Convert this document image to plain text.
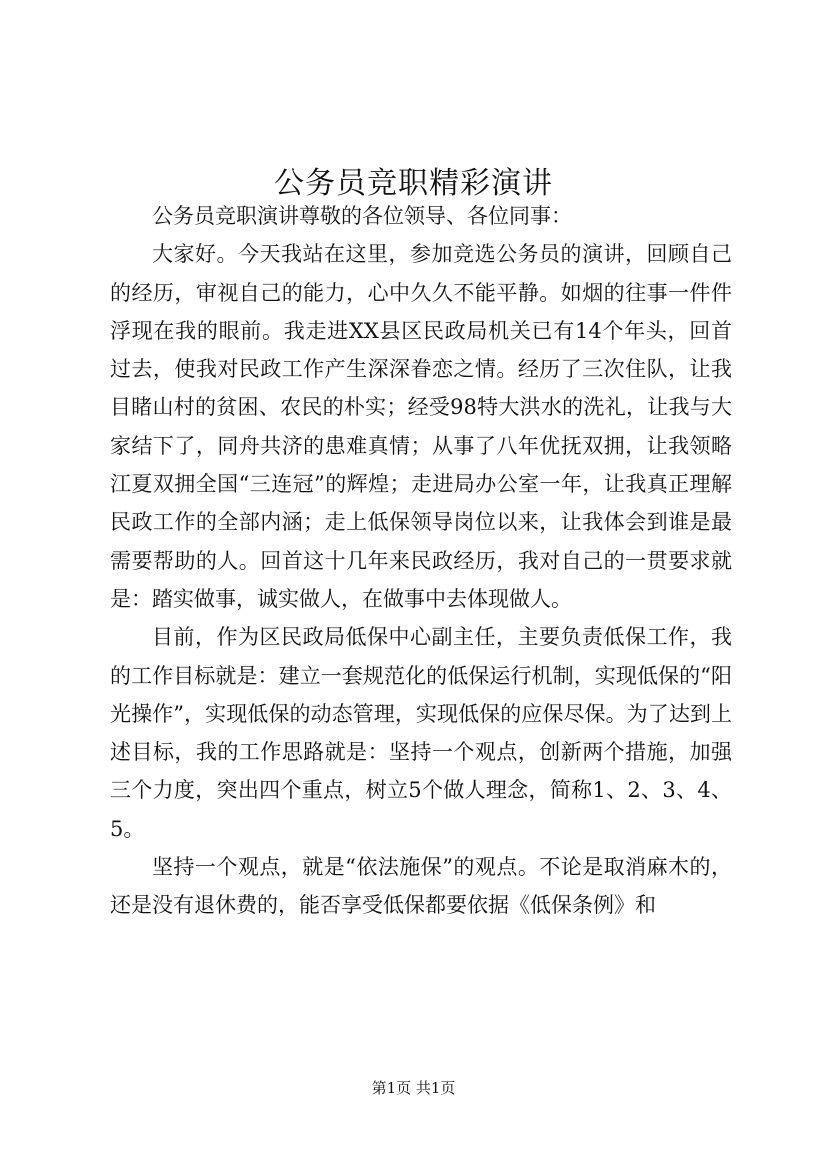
公务员竞职精彩演讲

公务员竞职演讲尊敬的各位领导、各位同事：

大家好。今天我站在这里，参加竞选公务员的演讲，回顾自己的经历，审视自己的能力，心中久久不能平静。如烟的往事一件件浮现在我的眼前。我走进XX县区民政局机关已有14个年头，回首过去，使我对民政工作产生深深眷恋之情。经历了三次住队，让我目睹山村的贫困、农民的朴实；经受98特大洪水的洗礼，让我与大家结下了，同舟共济的患难真情；从事了八年优抚双拥，让我领略江夏双拥全国“三连冠”的辉煌；走进局办公室一年，让我真正理解民政工作的全部内涵；走上低保领导岗位以来，让我体会到谁是最需要帮助的人。回首这十几年来民政经历，我对自己的一贯要求就是：踏实做事，诚实做人，在做事中去体现做人。

目前，作为区民政局低保中心副主任，主要负责低保工作，我的工作目标就是：建立一套规范化的低保运行机制，实现低保的“阳光操作”，实现低保的动态管理，实现低保的应保尽保。为了达到上述目标，我的工作思路就是：坚持一个观点，创新两个措施，加强三个力度，突出四个重点，树立5个做人理念，简称1、2、3、4、5。

坚持一个观点，就是“依法施保”的观点。不论是取消麻木的，还是没有退休费的，能否享受低保都要依据《低保条例》和

第1页 共1页
